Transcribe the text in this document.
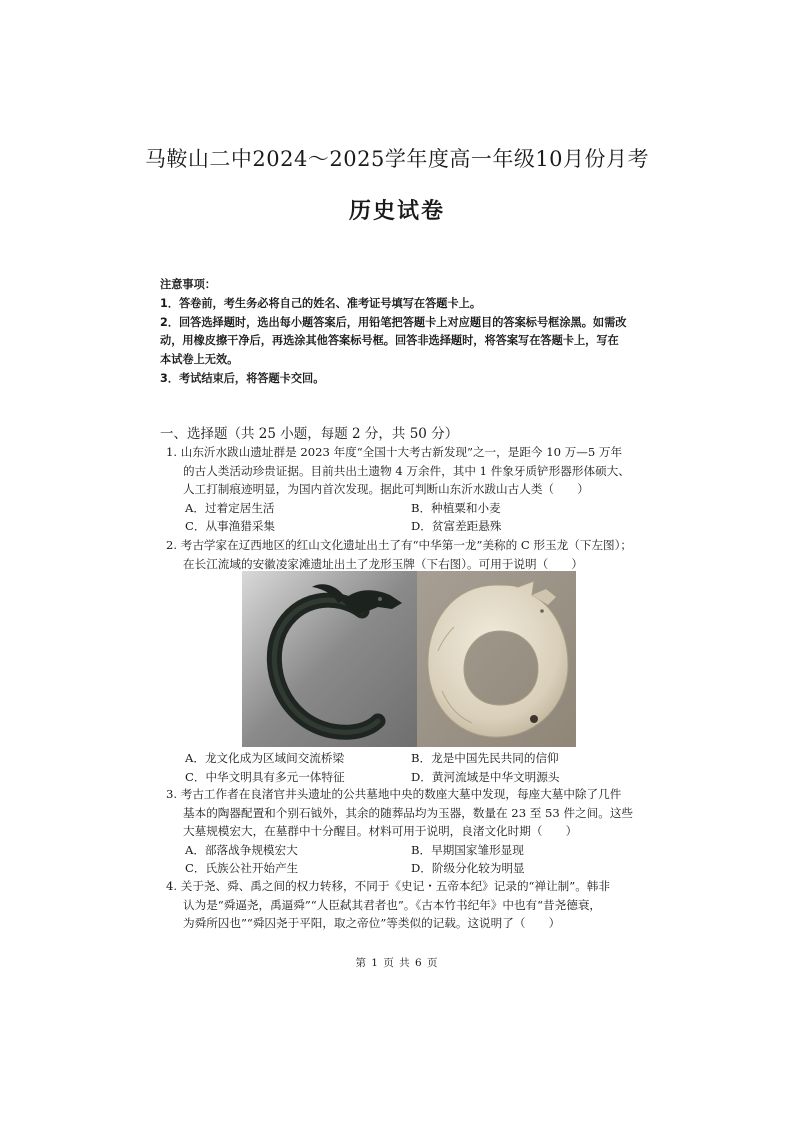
马鞍山二中2024～2025学年度高一年级10月份月考
历史试卷

注意事项：

1．答卷前，考生务必将自己的姓名、准考证号填写在答题卡上。

2．回答选择题时，选出每小题答案后，用铅笔把答题卡上对应题目的答案标号框涂黑。如需改

动，用橡皮擦干净后，再选涂其他答案标号框。回答非选择题时，将答案写在答题卡上，写在

本试卷上无效。

3．考试结束后，将答题卡交回。

一、选择题（共 25 小题，每题 2 分，共 50 分）

1. 山东沂水跋山遗址群是 2023 年度“全国十大考古新发现”之一，是距今 10 万—5 万年

的古人类活动珍贵证据。目前共出土遗物 4 万余件，其中 1 件象牙质铲形器形体硕大、

人工打制痕迹明显，为国内首次发现。据此可判断山东沂水跋山古人类（　　）

A．过着定居生活	B．种植粟和小麦
C．从事渔猎采集	D．贫富差距悬殊

2. 考古学家在辽西地区的红山文化遗址出土了有“中华第一龙”美称的 C 形玉龙（下左图）；

在长江流域的安徽凌家滩遗址出土了龙形玉牌（下右图）。可用于说明（　　）

A．龙文化成为区域间交流桥梁	B．龙是中国先民共同的信仰
C．中华文明具有多元一体特征	D．黄河流域是中华文明源头

3. 考古工作者在良渚官井头遗址的公共墓地中央的数座大墓中发现，每座大墓中除了几件

基本的陶器配置和个别石钺外，其余的随葬品均为玉器，数量在 23 至 53 件之间。这些

大墓规模宏大，在墓群中十分醒目。材料可用于说明，良渚文化时期（　　）

A．部落战争规模宏大	B．早期国家雏形显现
C．氏族公社开始产生	D．阶级分化较为明显

4. 关于尧、舜、禹之间的权力转移，不同于《史记・五帝本纪》记录的“禅让制”。韩非

认为是“舜逼尧，禹逼舜”“人臣弑其君者也”。《古本竹书纪年》中也有“昔尧德衰，

为舜所囚也”“舜囚尧于平阳，取之帝位”等类似的记载。这说明了（　　）

第 1 页 共 6 页
